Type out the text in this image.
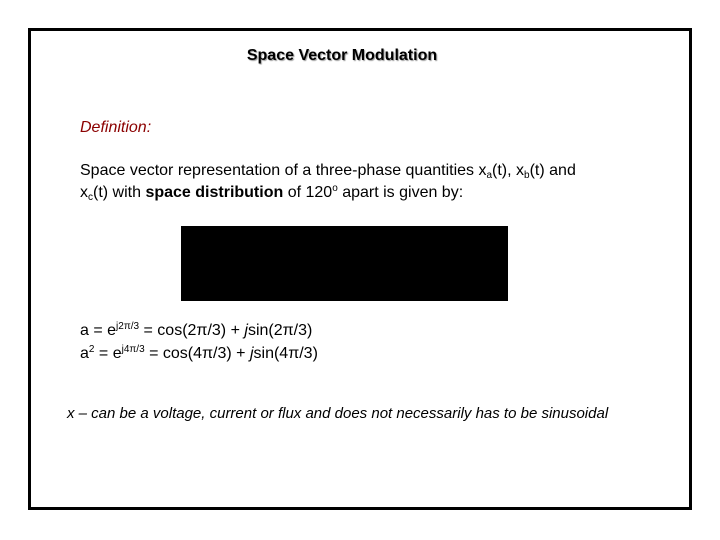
Space Vector Modulation
Definition:
Space vector representation of a three-phase quantities $x_a(t)$, $x_b(t)$ and
$x_c(t)$ with space distribution of 120$^o$ apart is given by:
$a = e^{j2\pi/3} = \cos(2\pi/3) + jsin(2\pi/3)$
$a^2 = e^{j4\pi/3} = \cos(4\pi/3) + jsin(4\pi/3)$
x – can be a voltage, current or flux and does not necessarily has to be sinusoidal
